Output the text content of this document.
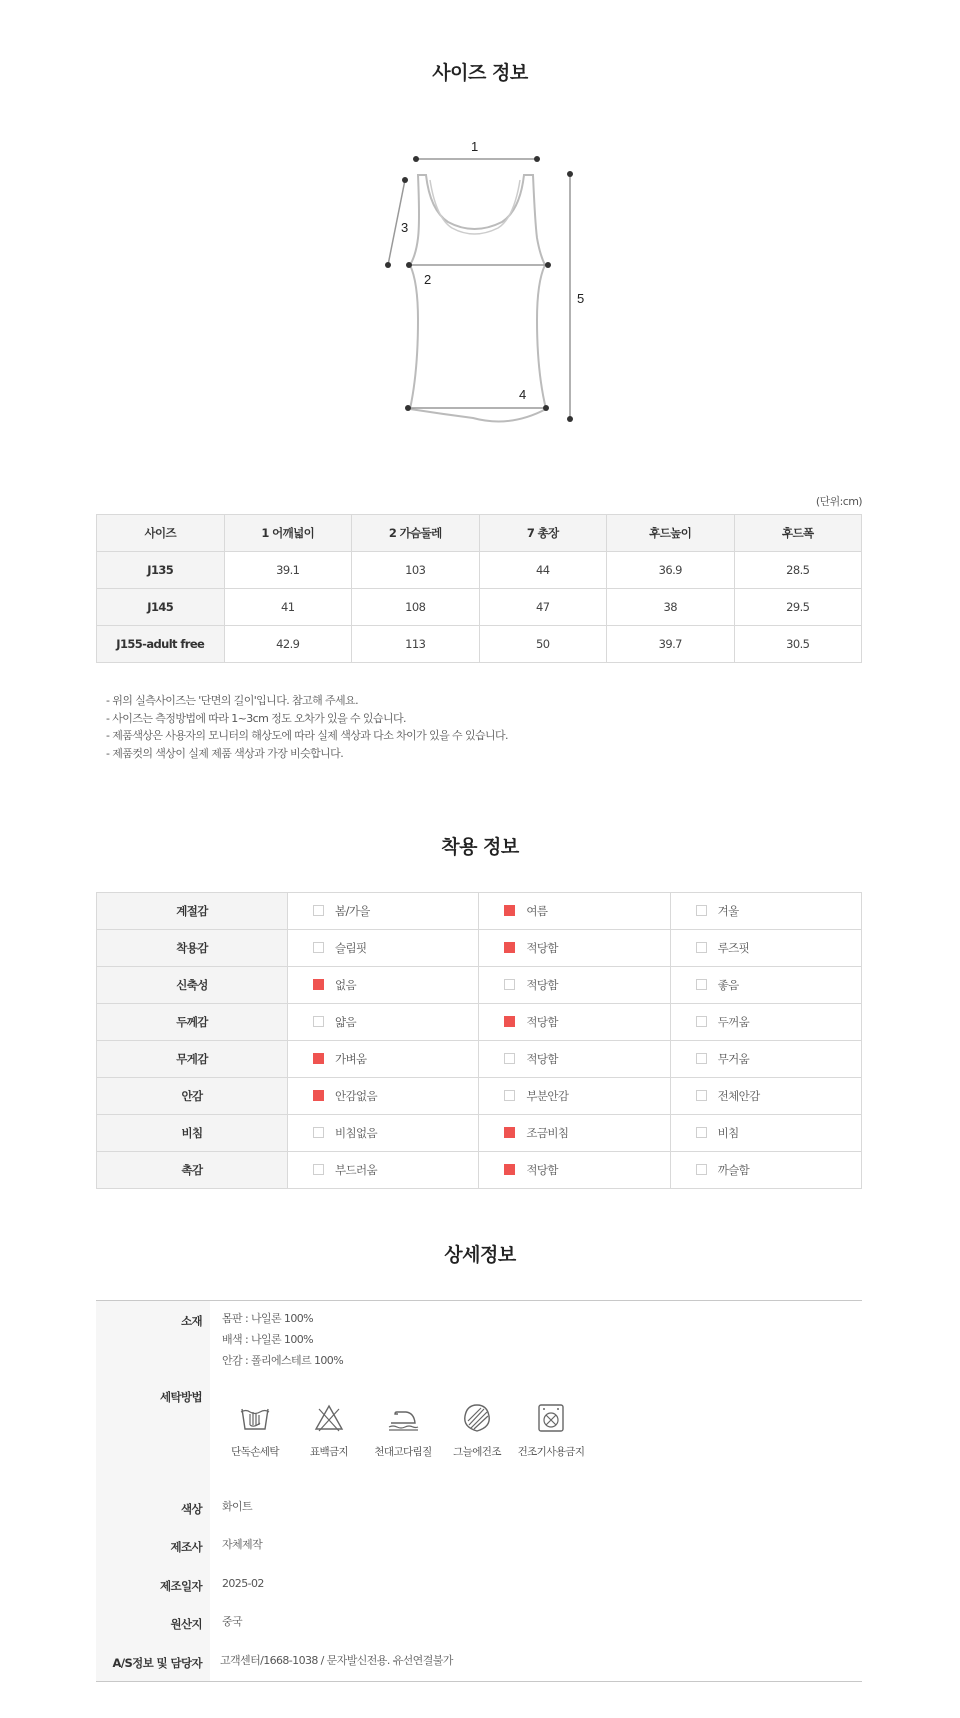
사이즈 정보
1
2
3
4
5
(단위:cm)
사이즈	1 어깨넓이	2 가슴둘레	7 총장	후드높이	후드폭
J135	39.1	103	44	36.9	28.5
J145	41	108	47	38	29.5
J155-adult free	42.9	113	50	39.7	30.5
- 위의 실측사이즈는 '단면의 길이'입니다. 참고해 주세요.
- 사이즈는 측정방법에 따라 1~3cm 정도 오차가 있을 수 있습니다.
- 제품색상은 사용자의 모니터의 해상도에 따라 실제 색상과 다소 차이가 있을 수 있습니다.
- 제품컷의 색상이 실제 제품 색상과 가장 비슷합니다.
착용 정보
계절감	봄/가을	여름	겨울
착용감	슬림핏	적당함	루즈핏
신축성	없음	적당함	좋음
두께감	얇음	적당함	두꺼움
무게감	가벼움	적당함	무거움
안감	안감없음	부분안감	전체안감
비침	비침없음	조금비침	비침
촉감	부드러움	적당함	까슬함
상세정보
소재 몸판 : 나일론 100%
배색 : 나일론 100%
안감 : 폴리에스테르 100%
세탁방법
단독손세탁	표백금지	천대고다림질	그늘에건조	건조기사용금지
색상 화이트
제조사 자체제작
제조일자 2025-02
원산지 중국
A/S정보 및 담당자 고객센터/1668-1038 / 문자발신전용. 유선연결불가
